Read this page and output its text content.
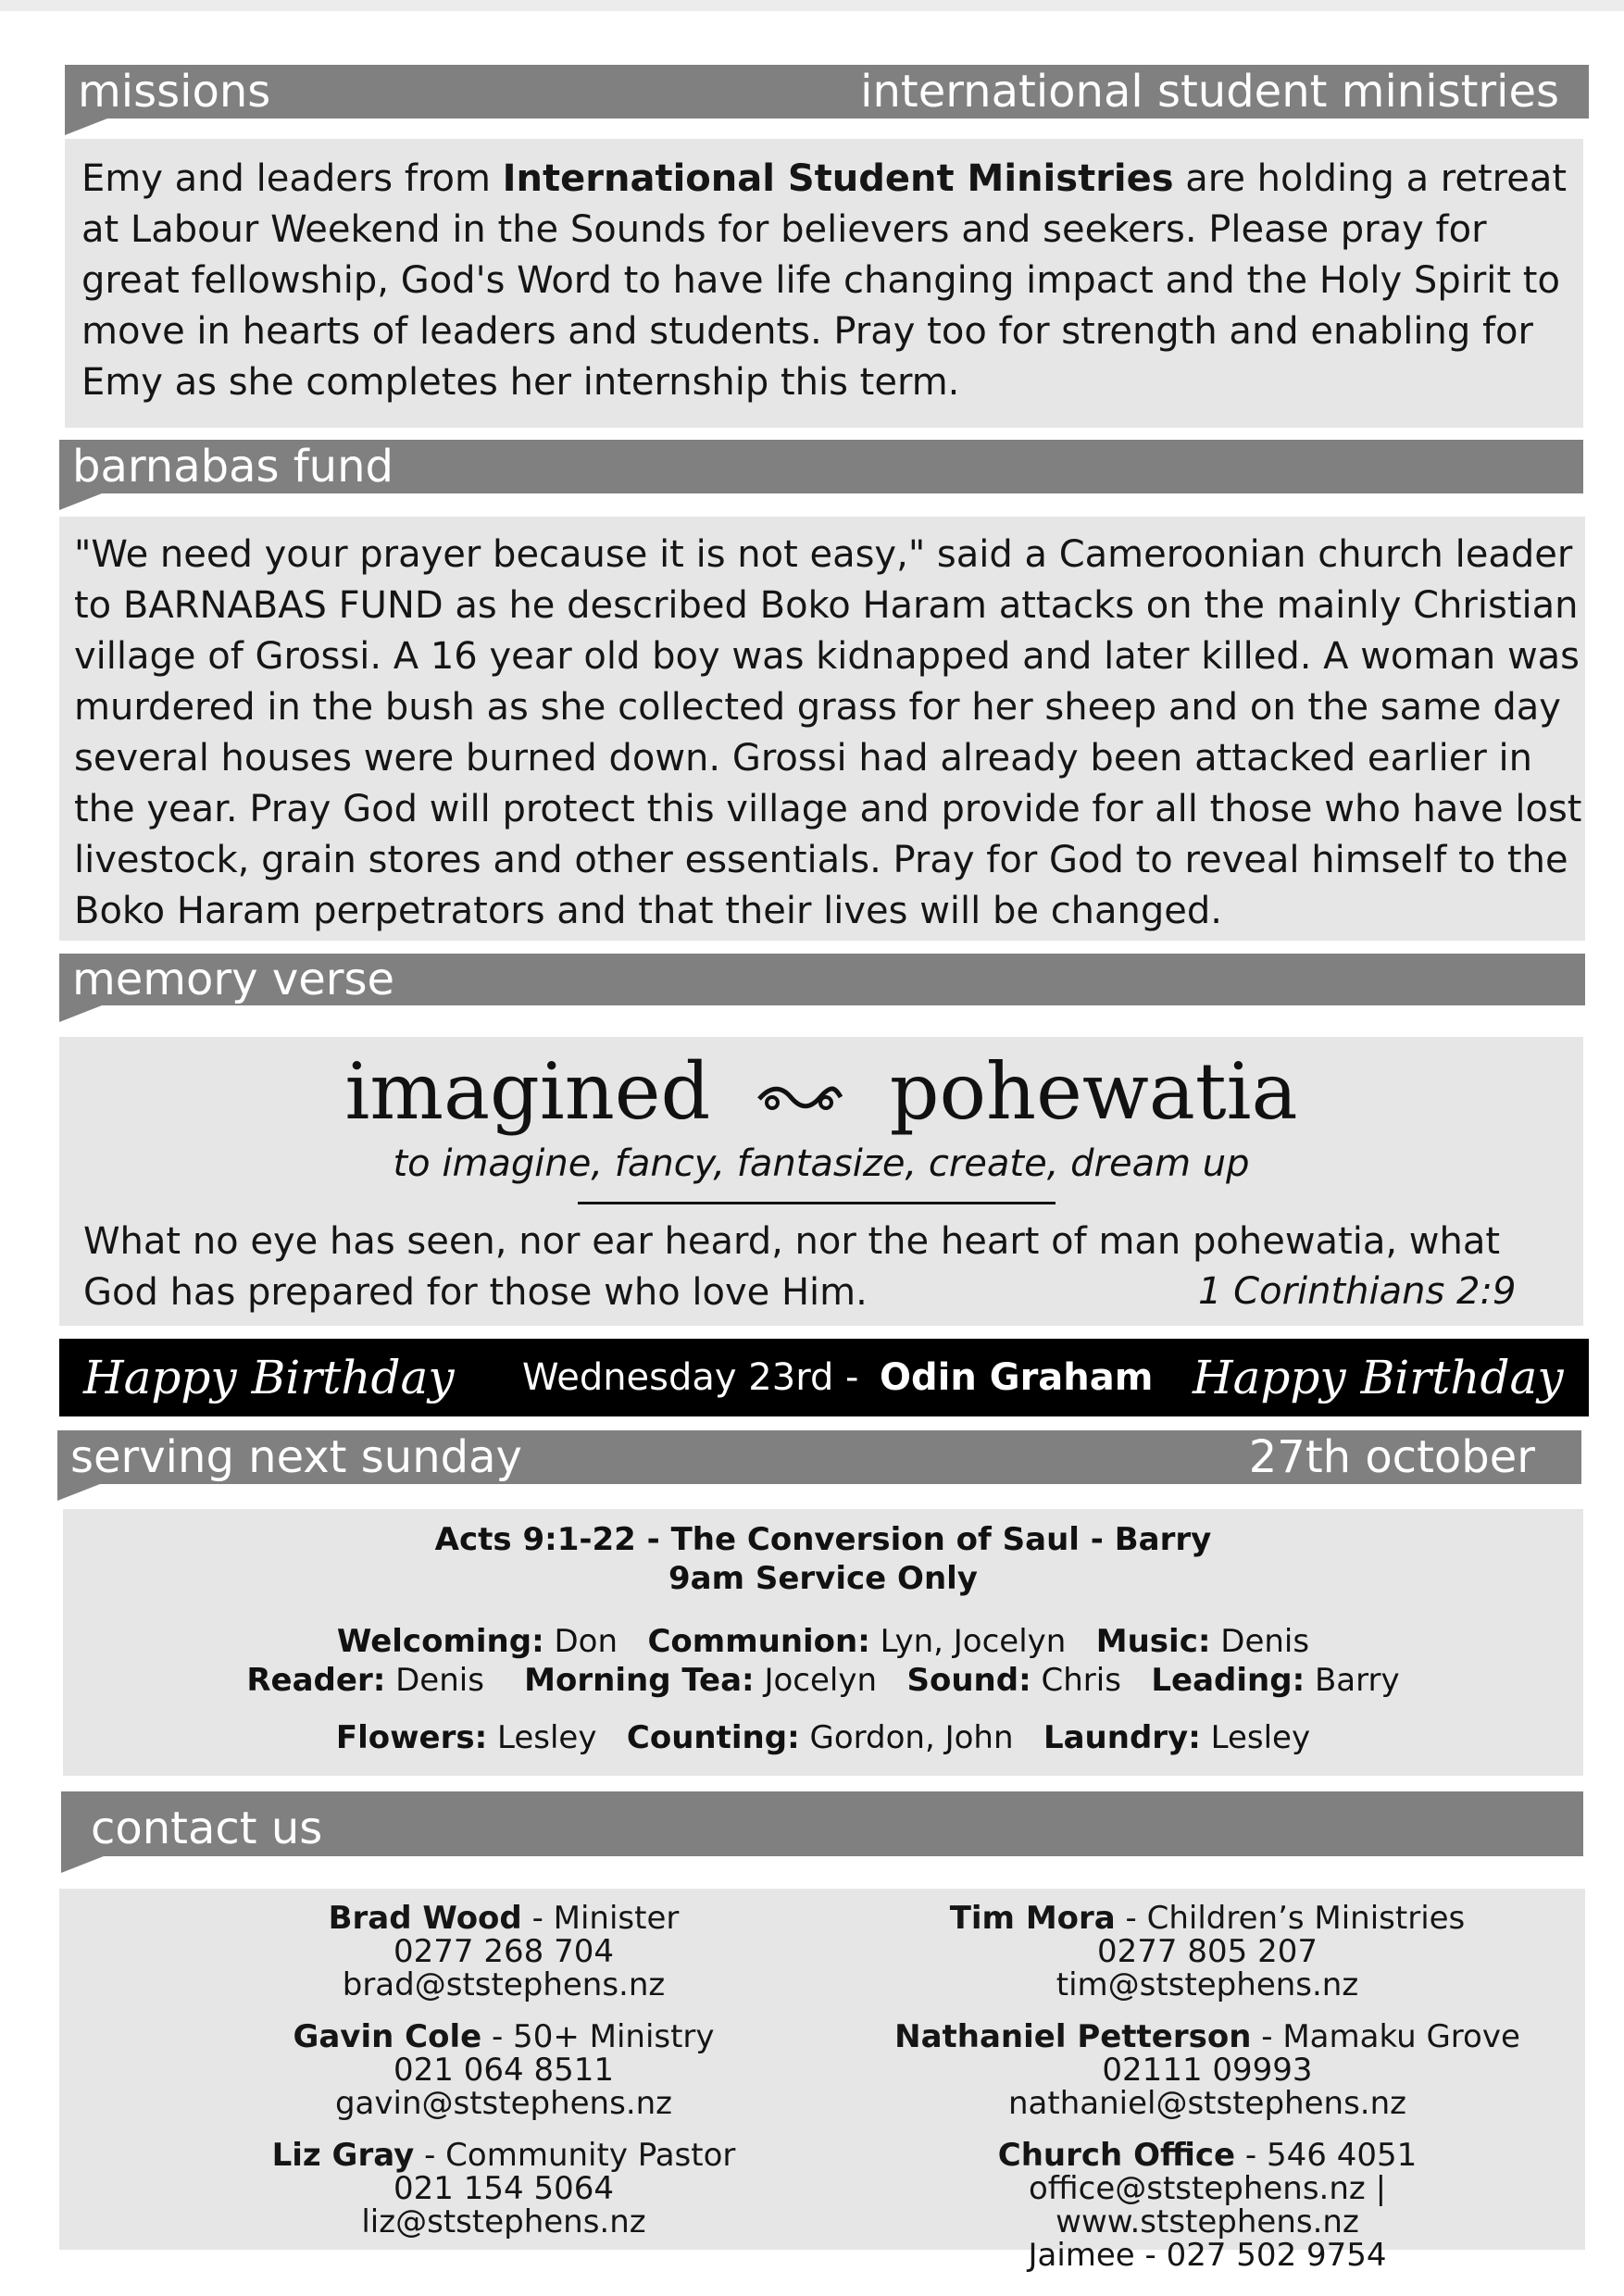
missions	international student ministries
Emy and leaders from International Student Ministries are holding a retreat at Labour Weekend in the Sounds for believers and seekers. Please pray for great fellowship, God's Word to have life changing impact and the Holy Spirit to move in hearts of leaders and students. Pray too for strength and enabling for Emy as she completes her internship this term.
barnabas fund
"We need your prayer because it is not easy," said a Cameroonian church leader to BARNABAS FUND as he described Boko Haram attacks on the mainly Christian village of Grossi. A 16 year old boy was kidnapped and later killed. A woman was murdered in the bush as she collected grass for her sheep and on the same day several houses were burned down. Grossi had already been attacked earlier in the year. Pray God will protect this village and provide for all those who have lost livestock, grain stores and other essentials. Pray for God to reveal himself to the Boko Haram perpetrators and that their lives will be changed.
memory verse
imagined pohewatia
to imagine, fancy, fantasize, create, dream up
What no eye has seen, nor ear heard, nor the heart of man pohewatia, what God has prepared for those who love Him.	1 Corinthians 2:9
Happy Birthday Wednesday 23rd - Odin Graham Happy Birthday
serving next sunday	27th october
Acts 9:1-22 - The Conversion of Saul - Barry
9am Service Only
Welcoming: Don Communion: Lyn, Jocelyn Music: Denis
Reader: Denis Morning Tea: Jocelyn Sound: Chris Leading: Barry
Flowers: Lesley Counting: Gordon, John Laundry: Lesley
contact us
Brad Wood - Minister
0277 268 704
brad@ststephens.nz
Gavin Cole - 50+ Ministry
021 064 8511
gavin@ststephens.nz
Liz Gray - Community Pastor
021 154 5064
liz@ststephens.nz
Tim Mora - Children’s Ministries
0277 805 207
tim@ststephens.nz
Nathaniel Petterson - Mamaku Grove
02111 09993
nathaniel@ststephens.nz
Church Office - 546 4051
office@ststephens.nz | www.ststephens.nz
Jaimee - 027 502 9754
